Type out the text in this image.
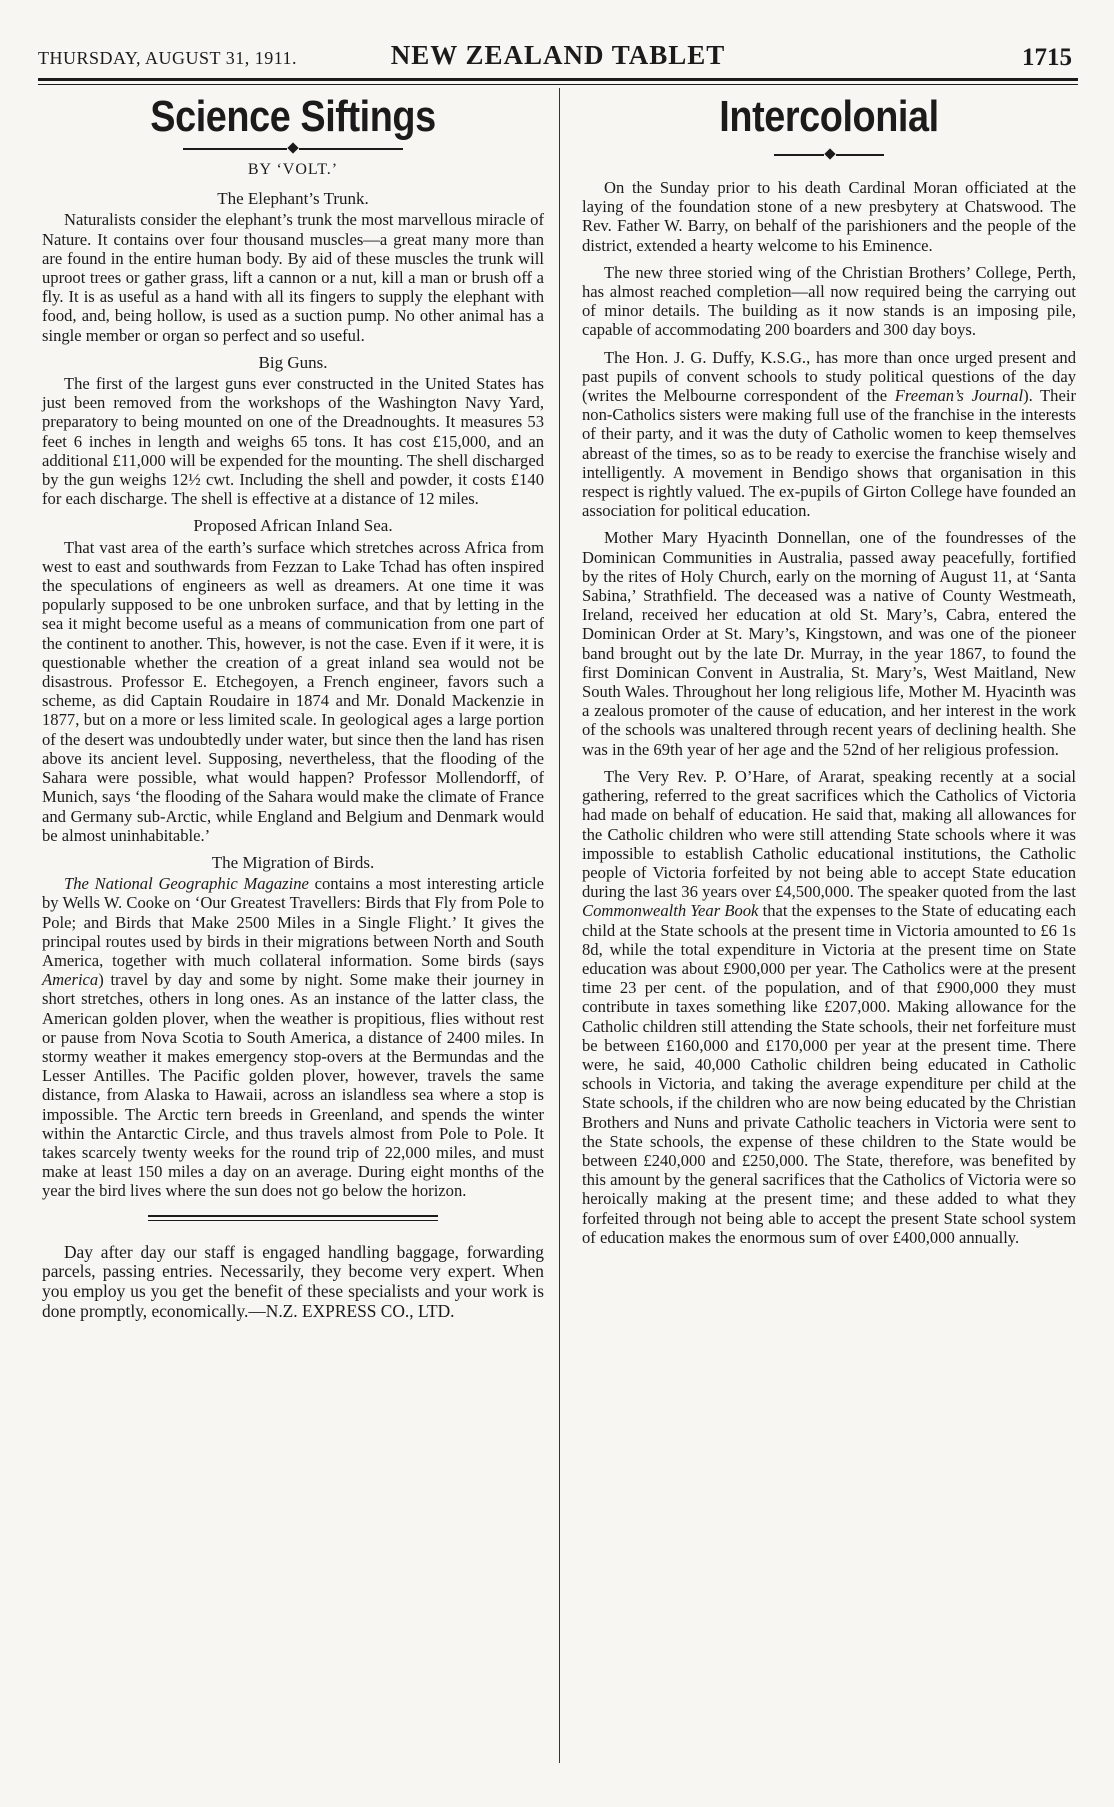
THURSDAY, AUGUST 31, 1911.	NEW ZEALAND TABLET	1715
Science Siftings
BY ‘VOLT.’
The Elephant’s Trunk.

Naturalists consider the elephant’s trunk the most marvellous miracle of Nature. It contains over four thousand muscles—a great many more than are found in the entire human body. By aid of these muscles the trunk will uproot trees or gather grass, lift a cannon or a nut, kill a man or brush off a fly. It is as useful as a hand with all its fingers to supply the elephant with food, and, being hollow, is used as a suction pump. No other animal has a single member or organ so perfect and so useful.

Big Guns.

The first of the largest guns ever constructed in the United States has just been removed from the workshops of the Washington Navy Yard, preparatory to being mounted on one of the Dreadnoughts. It measures 53 feet 6 inches in length and weighs 65 tons. It has cost £15,000, and an additional £11,000 will be expended for the mounting. The shell discharged by the gun weighs 12½ cwt. Including the shell and powder, it costs £140 for each discharge. The shell is effective at a distance of 12 miles.

Proposed African Inland Sea.

That vast area of the earth’s surface which stretches across Africa from west to east and southwards from Fezzan to Lake Tchad has often inspired the speculations of engineers as well as dreamers. At one time it was popularly supposed to be one unbroken surface, and that by letting in the sea it might become useful as a means of communication from one part of the continent to another. This, however, is not the case. Even if it were, it is questionable whether the creation of a great inland sea would not be disastrous. Professor E. Etchegoyen, a French engineer, favors such a scheme, as did Captain Roudaire in 1874 and Mr. Donald Mackenzie in 1877, but on a more or less limited scale. In geological ages a large portion of the desert was undoubtedly under water, but since then the land has risen above its ancient level. Supposing, nevertheless, that the flooding of the Sahara were possible, what would happen? Professor Mollendorff, of Munich, says ‘the flooding of the Sahara would make the climate of France and Germany sub-Arctic, while England and Belgium and Denmark would be almost uninhabitable.’

The Migration of Birds.

The National Geographic Magazine contains a most interesting article by Wells W. Cooke on ‘Our Greatest Travellers: Birds that Fly from Pole to Pole; and Birds that Make 2500 Miles in a Single Flight.’ It gives the principal routes used by birds in their migrations between North and South America, together with much collateral information. Some birds (says America) travel by day and some by night. Some make their journey in short stretches, others in long ones. As an instance of the latter class, the American golden plover, when the weather is propitious, flies without rest or pause from Nova Scotia to South America, a distance of 2400 miles. In stormy weather it makes emergency stop-overs at the Bermundas and the Lesser Antilles. The Pacific golden plover, however, travels the same distance, from Alaska to Hawaii, across an islandless sea where a stop is impossible. The Arctic tern breeds in Greenland, and spends the winter within the Antarctic Circle, and thus travels almost from Pole to Pole. It takes scarcely twenty weeks for the round trip of 22,000 miles, and must make at least 150 miles a day on an average. During eight months of the year the bird lives where the sun does not go below the horizon.

Day after day our staff is engaged handling baggage, forwarding parcels, passing entries. Necessarily, they become very expert. When you employ us you get the benefit of these specialists and your work is done promptly, economically.—N.Z. EXPRESS CO., LTD.

Intercolonial

On the Sunday prior to his death Cardinal Moran officiated at the laying of the foundation stone of a new presbytery at Chatswood. The Rev. Father W. Barry, on behalf of the parishioners and the people of the district, extended a hearty welcome to his Eminence.

The new three storied wing of the Christian Brothers’ College, Perth, has almost reached completion—all now required being the carrying out of minor details. The building as it now stands is an imposing pile, capable of accommodating 200 boarders and 300 day boys.

The Hon. J. G. Duffy, K.S.G., has more than once urged present and past pupils of convent schools to study political questions of the day (writes the Melbourne correspondent of the Freeman’s Journal). Their non-Catholics sisters were making full use of the franchise in the interests of their party, and it was the duty of Catholic women to keep themselves abreast of the times, so as to be ready to exercise the franchise wisely and intelligently. A movement in Bendigo shows that organisation in this respect is rightly valued. The ex-pupils of Girton College have founded an association for political education.

Mother Mary Hyacinth Donnellan, one of the foundresses of the Dominican Communities in Australia, passed away peacefully, fortified by the rites of Holy Church, early on the morning of August 11, at ‘Santa Sabina,’ Strathfield. The deceased was a native of County Westmeath, Ireland, received her education at old St. Mary’s, Cabra, entered the Dominican Order at St. Mary’s, Kingstown, and was one of the pioneer band brought out by the late Dr. Murray, in the year 1867, to found the first Dominican Convent in Australia, St. Mary’s, West Maitland, New South Wales. Throughout her long religious life, Mother M. Hyacinth was a zealous promoter of the cause of education, and her interest in the work of the schools was unaltered through recent years of declining health. She was in the 69th year of her age and the 52nd of her religious profession.

The Very Rev. P. O’Hare, of Ararat, speaking recently at a social gathering, referred to the great sacrifices which the Catholics of Victoria had made on behalf of education. He said that, making all allowances for the Catholic children who were still attending State schools where it was impossible to establish Catholic educational institutions, the Catholic people of Victoria forfeited by not being able to accept State education during the last 36 years over £4,500,000. The speaker quoted from the last Commonwealth Year Book that the expenses to the State of educating each child at the State schools at the present time in Victoria amounted to £6 1s 8d, while the total expenditure in Victoria at the present time on State education was about £900,000 per year. The Catholics were at the present time 23 per cent. of the population, and of that £900,000 they must contribute in taxes something like £207,000. Making allowance for the Catholic children still attending the State schools, their net forfeiture must be between £160,000 and £170,000 per year at the present time. There were, he said, 40,000 Catholic children being educated in Catholic schools in Victoria, and taking the average expenditure per child at the State schools, if the children who are now being educated by the Christian Brothers and Nuns and private Catholic teachers in Victoria were sent to the State schools, the expense of these children to the State would be between £240,000 and £250,000. The State, therefore, was benefited by this amount by the general sacrifices that the Catholics of Victoria were so heroically making at the present time; and these added to what they forfeited through not being able to accept the present State school system of education makes the enormous sum of over £400,000 annually.
